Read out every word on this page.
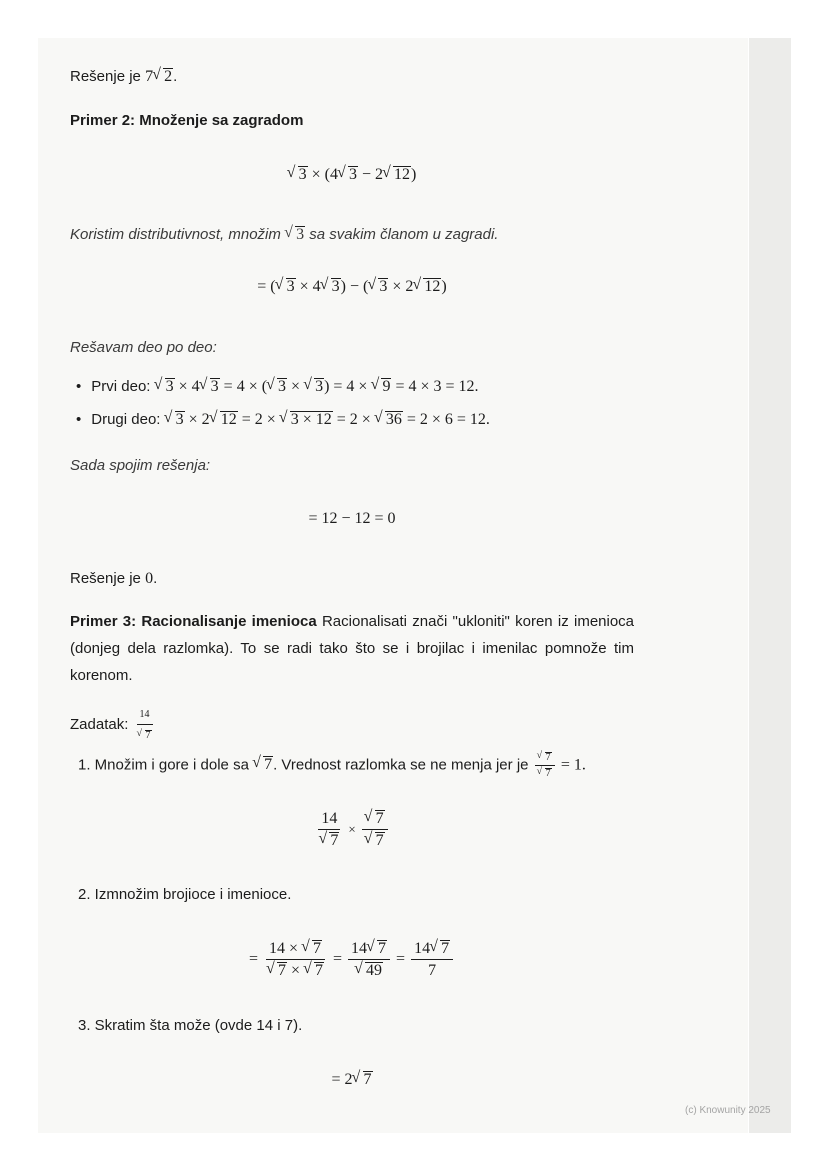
Rešenje je 7 √ 2.
Primer 2: Množenje sa zagradom
√ 3 × (4 √ 3 − 2 √ 12)
Koristim distributivnost, množim √ 3 sa svakim članom u zagradi.
= ( √ 3 × 4 √ 3) − ( √ 3 × 2 √ 12)
Rešavam deo po deo:
• Prvi deo: √ 3 × 4 √ 3 = 4 × ( √ 3 × √ 3) = 4 × √ 9 = 4 × 3 = 12.
• Drugi deo: √ 3 × 2 √ 12 = 2 × √ 3 × 12 = 2 × √ 36 = 2 × 6 = 12.
Sada spojim rešenja:
= 12 − 12 = 0
Rešenje je 0.
Primer 3: Racionalisanje imenioca Racionalisati znači "ukloniti" koren iz imenioca (donjeg dela razlomka). To se radi tako što se i brojilac i imenilac pomnože tim korenom.
Zadatak: 14
√ 7
1. Množim i gore i dole sa √ 7. Vrednost razlomka se ne menja jer je √ 7
√ 7 = 1.
14
√ 7 × √ 7
√ 7
2. Izmnožim brojioce i imenioce.
= 14 × √ 7
√ 7 × √ 7 = 14 √ 7
√ $49 = \frac{14 √ 7}{7}$
3. Skratim šta može (ovde 14 i 7).
= 2 √ 7
(c) Knowunity 2025
